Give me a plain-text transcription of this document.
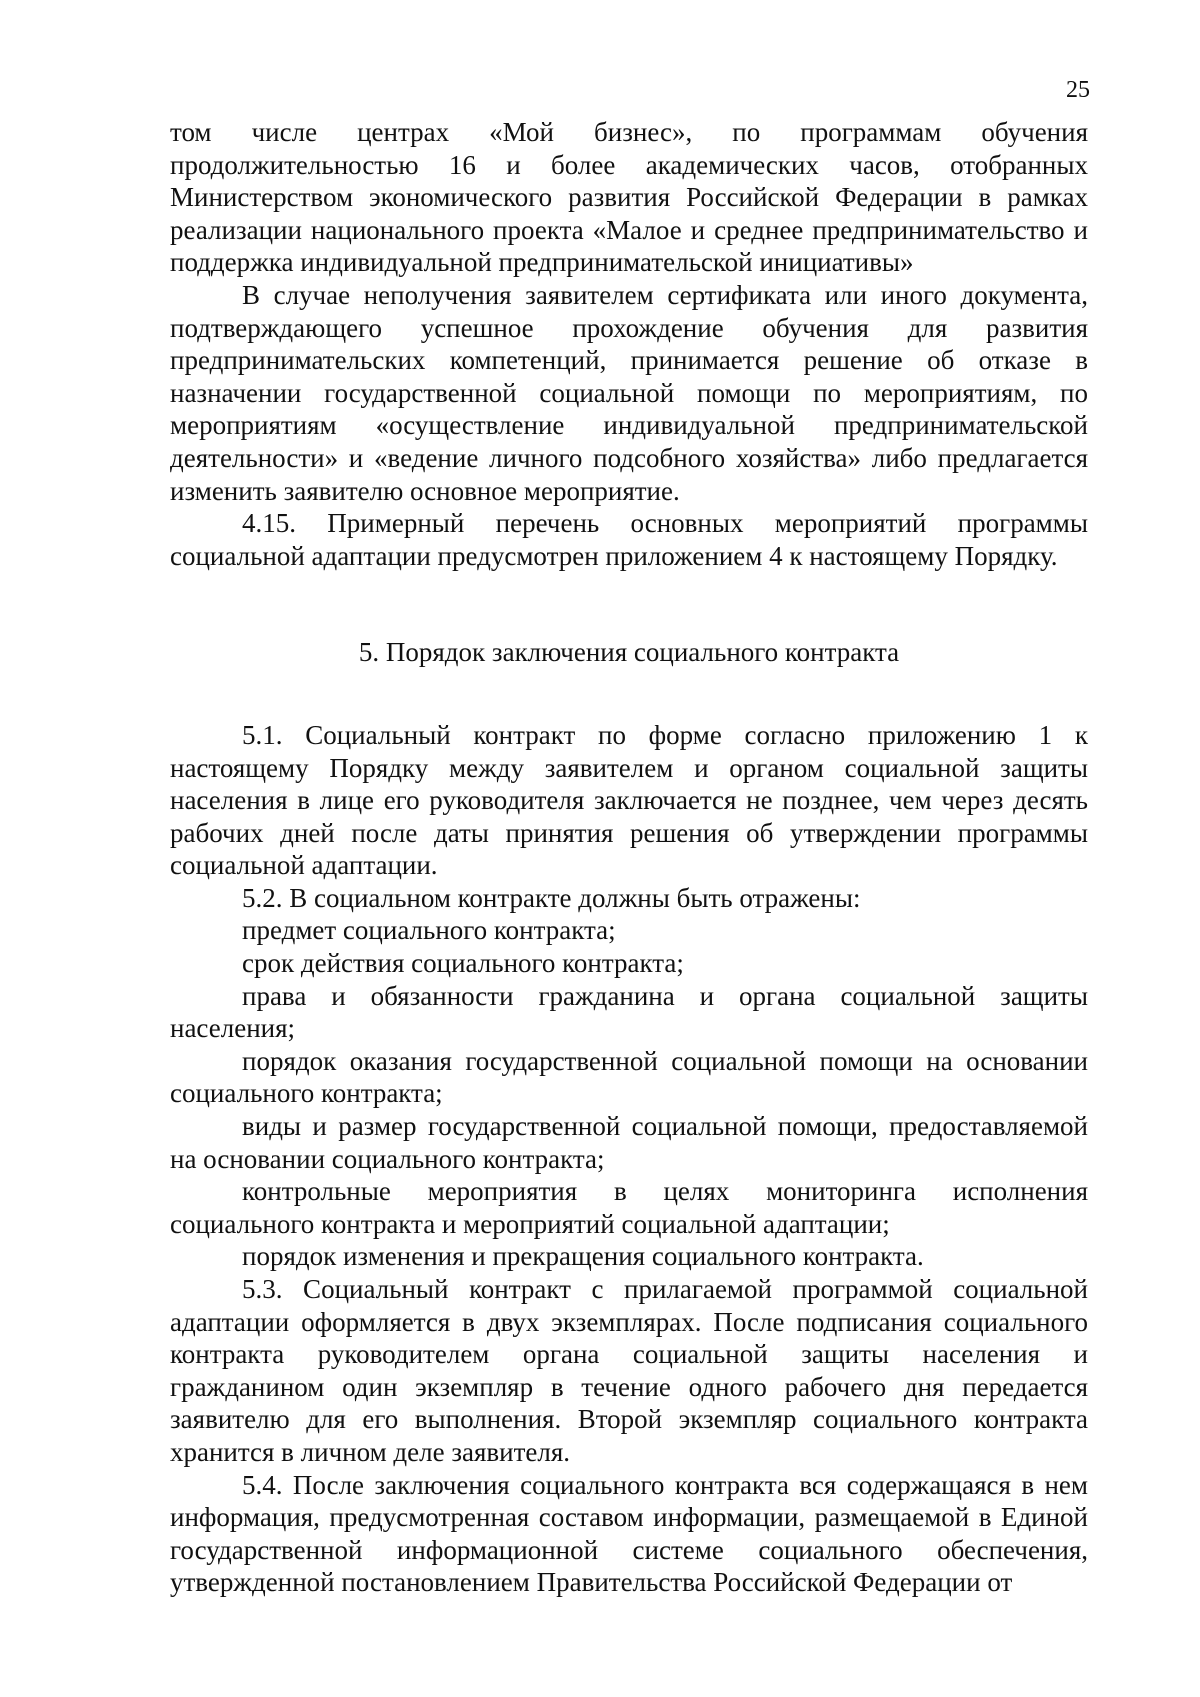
25

том числе центрах «Мой бизнес», по программам обучения продолжительностью 16 и более академических часов, отобранных Министерством экономического развития Российской Федерации в рамках реализации национального проекта «Малое и среднее предпринимательство и поддержка индивидуальной предпринимательской инициативы»

В случае неполучения заявителем сертификата или иного документа, подтверждающего успешное прохождение обучения для развития предпринимательских компетенций, принимается решение об отказе в назначении государственной социальной помощи по мероприятиям, по мероприятиям «осуществление индивидуальной предпринимательской деятельности» и «ведение личного подсобного хозяйства» либо предлагается изменить заявителю основное мероприятие.

4.15. Примерный перечень основных мероприятий программы социальной адаптации предусмотрен приложением 4 к настоящему Порядку.

5. Порядок заключения социального контракта

5.1. Социальный контракт по форме согласно приложению 1 к настоящему Порядку между заявителем и органом социальной защиты населения в лице его руководителя заключается не позднее, чем через десять рабочих дней после даты принятия решения об утверждении программы социальной адаптации.

5.2. В социальном контракте должны быть отражены:

предмет социального контракта;

срок действия социального контракта;

права и обязанности гражданина и органа социальной защиты населения;

порядок оказания государственной социальной помощи на основании социального контракта;

виды и размер государственной социальной помощи, предоставляемой на основании социального контракта;

контрольные мероприятия в целях мониторинга исполнения социального контракта и мероприятий социальной адаптации;

порядок изменения и прекращения социального контракта.

5.3. Социальный контракт с прилагаемой программой социальной адаптации оформляется в двух экземплярах. После подписания социального контракта руководителем органа социальной защиты населения и гражданином один экземпляр в течение одного рабочего дня передается заявителю для его выполнения. Второй экземпляр социального контракта хранится в личном деле заявителя.

5.4. После заключения социального контракта вся содержащаяся в нем информация, предусмотренная составом информации, размещаемой в Единой государственной информационной системе социального обеспечения, утвержденной постановлением Правительства Российской Федерации от
